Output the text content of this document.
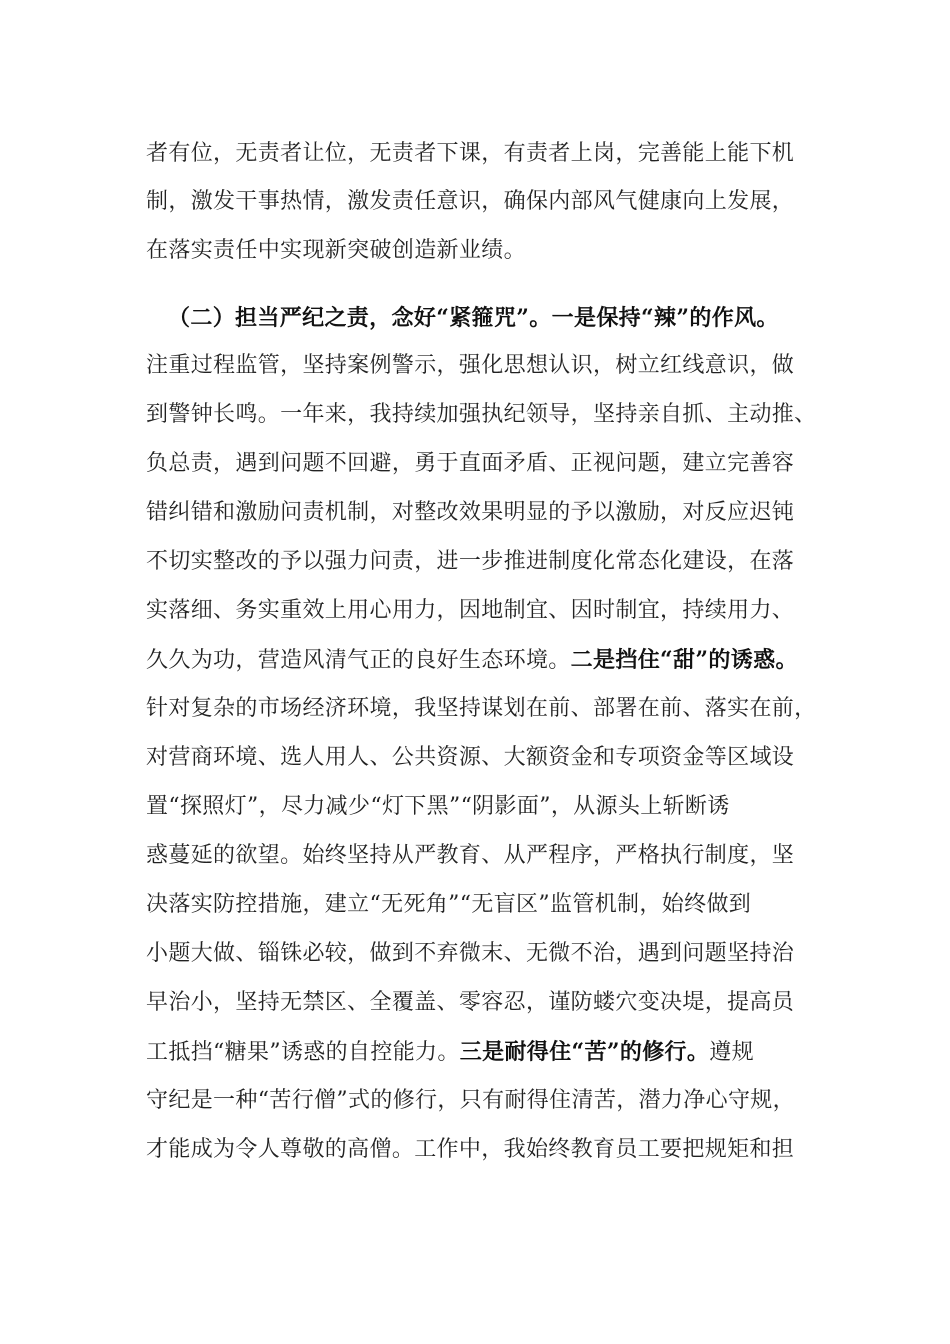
者有位，无责者让位，无责者下课，有责者上岗，完善能上能下机
制，激发干事热情，激发责任意识，确保内部风气健康向上发展，
在落实责任中实现新突破创造新业绩。
（二）担当严纪之责，念好“紧箍咒”。一是保持“辣”的作风。
注重过程监管，坚持案例警示，强化思想认识，树立红线意识，做
到警钟长鸣。一年来，我持续加强执纪领导，坚持亲自抓、主动推、
负总责，遇到问题不回避，勇于直面矛盾、正视问题，建立完善容
错纠错和激励问责机制，对整改效果明显的予以激励，对反应迟钝
不切实整改的予以强力问责，进一步推进制度化常态化建设，在落
实落细、务实重效上用心用力，因地制宜、因时制宜，持续用力、
久久为功，营造风清气正的良好生态环境。二是挡住“甜”的诱惑。
针对复杂的市场经济环境，我坚持谋划在前、部署在前、落实在前，
对营商环境、选人用人、公共资源、大额资金和专项资金等区域设
置“探照灯”，尽力减少“灯下黑”“阴影面”，从源头上斩断诱
惑蔓延的欲望。始终坚持从严教育、从严程序，严格执行制度，坚
决落实防控措施，建立“无死角”“无盲区”监管机制，始终做到
小题大做、锱铢必较，做到不弃微末、无微不治，遇到问题坚持治
早治小，坚持无禁区、全覆盖、零容忍，谨防蝼穴变决堤，提高员
工抵挡“糖果”诱惑的自控能力。三是耐得住“苦”的修行。遵规
守纪是一种“苦行僧”式的修行，只有耐得住清苦，潜力净心守规，
才能成为令人尊敬的高僧。工作中，我始终教育员工要把规矩和担
